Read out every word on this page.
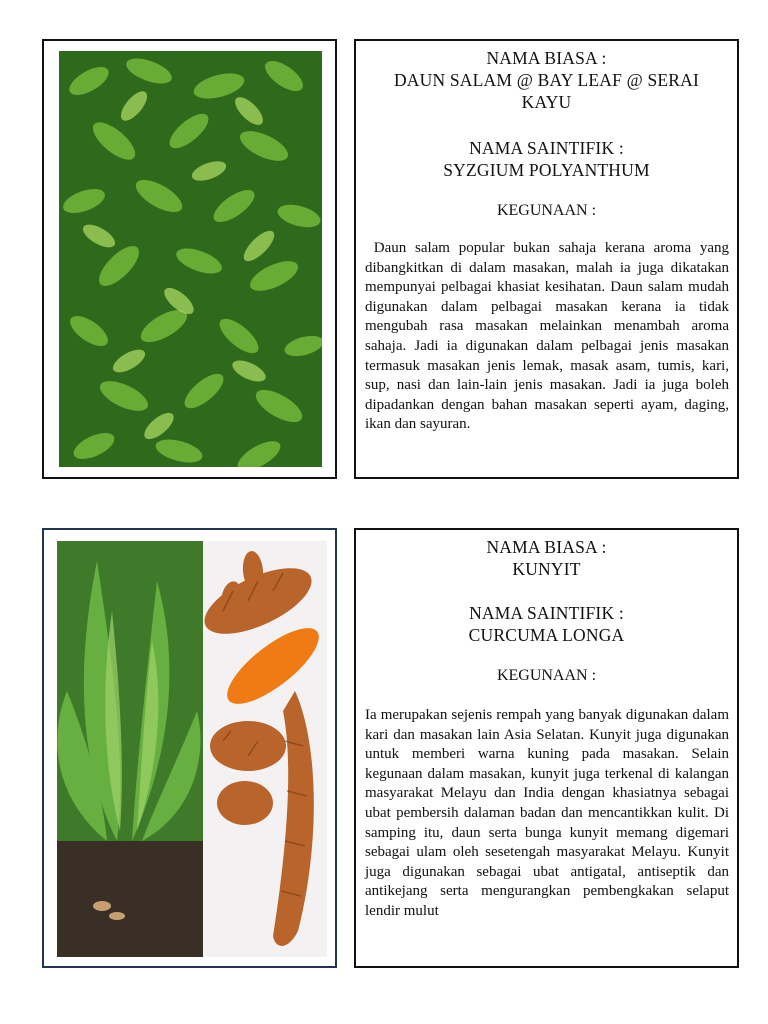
NAMA BIASA :
DAUN SALAM @ BAY LEAF @ SERAI
KAYU
NAMA SAINTIFIK :
SYZGIUM POLYANTHUM
KEGUNAAN :
Daun salam popular bukan sahaja kerana aroma yang dibangkitkan di dalam masakan, malah ia juga dikatakan mempunyai pelbagai khasiat kesihatan. Daun salam mudah digunakan dalam pelbagai masakan kerana ia tidak mengubah rasa masakan melainkan menambah aroma sahaja. Jadi ia digunakan dalam pelbagai jenis masakan termasuk masakan jenis lemak, masak asam, tumis, kari,  sup, nasi dan lain-lain jenis masakan. Jadi ia juga boleh dipadankan dengan bahan masakan seperti ayam, daging, ikan dan sayuran.
NAMA BIASA :
KUNYIT
NAMA SAINTIFIK :
CURCUMA LONGA
KEGUNAAN :
Ia merupakan sejenis rempah yang banyak digunakan dalam kari dan masakan lain Asia Selatan. Kunyit juga digunakan untuk memberi warna kuning pada masakan. Selain kegunaan dalam masakan, kunyit juga terkenal di kalangan masyarakat Melayu dan India dengan khasiatnya sebagai ubat pembersih dalaman badan dan mencantikkan kulit. Di samping itu, daun serta bunga kunyit memang digemari sebagai ulam oleh sesetengah masyarakat Melayu. Kunyit juga digunakan sebagai ubat antigatal, antiseptik dan antikejang serta mengurangkan pembengkakan selaput lendir mulut
